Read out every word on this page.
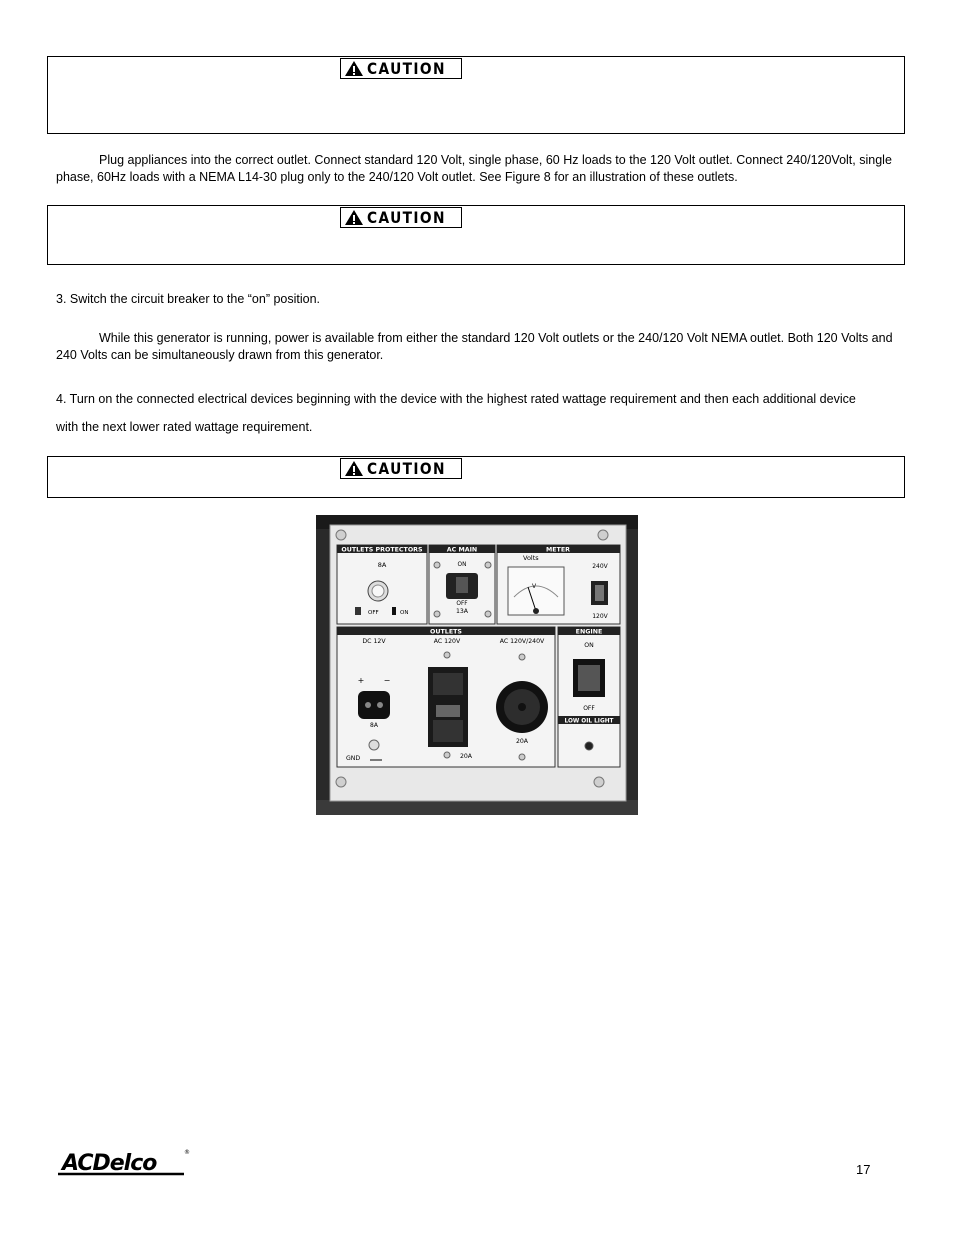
CAUTION

Plug appliances into the correct outlet. Connect standard 120 Volt, single phase, 60 Hz loads to the 120 Volt outlet. Connect 240/120Volt, single phase, 60Hz loads with a NEMA L14-30 plug only to the 240/120 Volt outlet. See Figure 8 for an illustration of these outlets.

CAUTION

3. Switch the circuit breaker to the “on” position.

While this generator is running, power is available from either the standard 120 Volt outlets or the 240/120 Volt NEMA outlet. Both 120 Volts and 240 Volts can be simultaneously drawn from this generator.

4. Turn on the connected electrical devices beginning with the device with the highest rated wattage requirement and then each additional device

with the next lower rated wattage requirement.

CAUTION
OUTLETS PROTECTORS
8A
OFF	ON
AC MAIN
ON
OFF
13A
METER
Volts
V
240V
120V
OUTLETS
DC 12V	AC 120V	AC 120V/240V
+ −
8A
GND	20A
20A
ENGINE
ON
OFF
LOW OIL LIGHT
ACDelco	®
17
